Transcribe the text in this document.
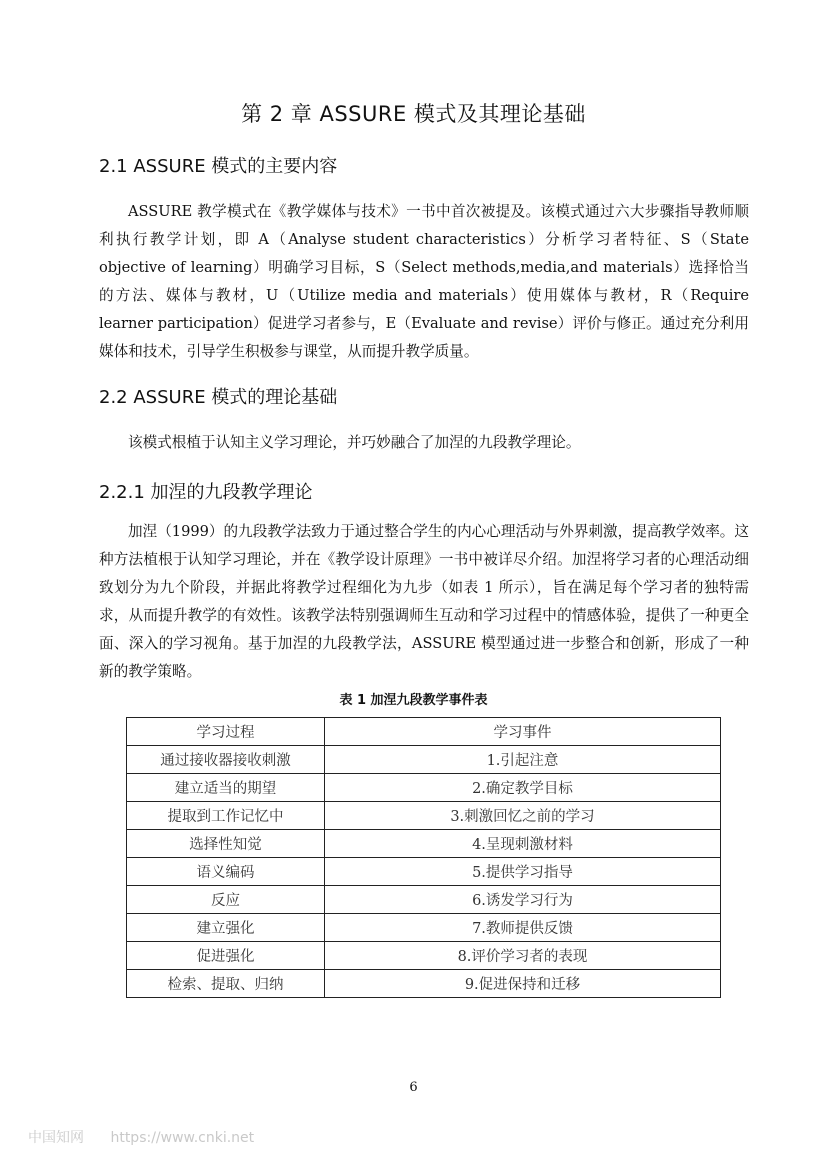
第 2 章 ASSURE 模式及其理论基础
2.1 ASSURE 模式的主要内容
ASSURE 教学模式在《教学媒体与技术》一书中首次被提及。该模式通过六大步骤指导教师顺利执行教学计划，即 A（Analyse student characteristics）分析学习者特征、S（State objective of learning）明确学习目标，S（Select methods,media,and materials）选择恰当的方法、媒体与教材，U（Utilize media and materials）使用媒体与教材，R（Require learner participation）促进学习者参与，E（Evaluate and revise）评价与修正。通过充分利用媒体和技术，引导学生积极参与课堂，从而提升教学质量。
2.2 ASSURE 模式的理论基础
该模式根植于认知主义学习理论，并巧妙融合了加涅的九段教学理论。
2.2.1 加涅的九段教学理论
加涅（1999）的九段教学法致力于通过整合学生的内心心理活动与外界刺激，提高教学效率。这种方法植根于认知学习理论，并在《教学设计原理》一书中被详尽介绍。加涅将学习者的心理活动细致划分为九个阶段，并据此将教学过程细化为九步（如表 1 所示），旨在满足每个学习者的独特需求，从而提升教学的有效性。该教学法特别强调师生互动和学习过程中的情感体验，提供了一种更全面、深入的学习视角。基于加涅的九段教学法，ASSURE 模型通过进一步整合和创新，形成了一种新的教学策略。
表 1 加涅九段教学事件表
学习过程	学习事件
通过接收器接收刺激	1.引起注意
建立适当的期望	2.确定教学目标
提取到工作记忆中	3.刺激回忆之前的学习
选择性知觉	4.呈现刺激材料
语义编码	5.提供学习指导
反应	6.诱发学习行为
建立强化	7.教师提供反馈
促进强化	8.评价学习者的表现
检索、提取、归纳	9.促进保持和迁移
6
中国知网 https://www.cnki.net
